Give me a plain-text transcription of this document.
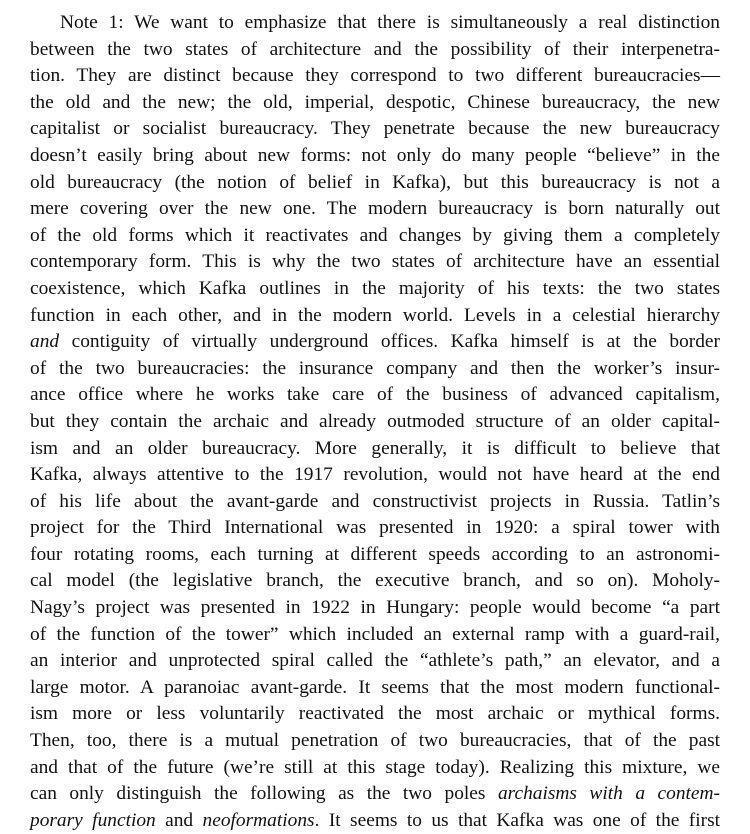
Note 1: We want to emphasize that there is simultaneously a real distinction
between the two states of architecture and the possibility of their interpenetra-
tion. They are distinct because they correspond to two different bureaucracies—
the old and the new; the old, imperial, despotic, Chinese bureaucracy, the new
capitalist or socialist bureaucracy. They penetrate because the new bureaucracy
doesn’t easily bring about new forms: not only do many people “believe” in the
old bureaucracy (the notion of belief in Kafka), but this bureaucracy is not a
mere covering over the new one. The modern bureaucracy is born naturally out
of the old forms which it reactivates and changes by giving them a completely
contemporary form. This is why the two states of architecture have an essential
coexistence, which Kafka outlines in the majority of his texts: the two states
function in each other, and in the modern world. Levels in a celestial hierarchy
and contiguity of virtually underground offices. Kafka himself is at the border
of the two bureaucracies: the insurance company and then the worker’s insur-
ance office where he works take care of the business of advanced capitalism,
but they contain the archaic and already outmoded structure of an older capital-
ism and an older bureaucracy. More generally, it is difficult to believe that
Kafka, always attentive to the 1917 revolution, would not have heard at the end
of his life about the avant-garde and constructivist projects in Russia. Tatlin’s
project for the Third International was presented in 1920: a spiral tower with
four rotating rooms, each turning at different speeds according to an astronomi-
cal model (the legislative branch, the executive branch, and so on). Moholy-
Nagy’s project was presented in 1922 in Hungary: people would become “a part
of the function of the tower” which included an external ramp with a guard-rail,
an interior and unprotected spiral called the “athlete’s path,” an elevator, and a
large motor. A paranoiac avant-garde. It seems that the most modern functional-
ism more or less voluntarily reactivated the most archaic or mythical forms.
Then, too, there is a mutual penetration of two bureaucracies, that of the past
and that of the future (we’re still at this stage today). Realizing this mixture, we
can only distinguish the following as the two poles archaisms with a contem-
porary function and neoformations. It seems to us that Kafka was one of the first
